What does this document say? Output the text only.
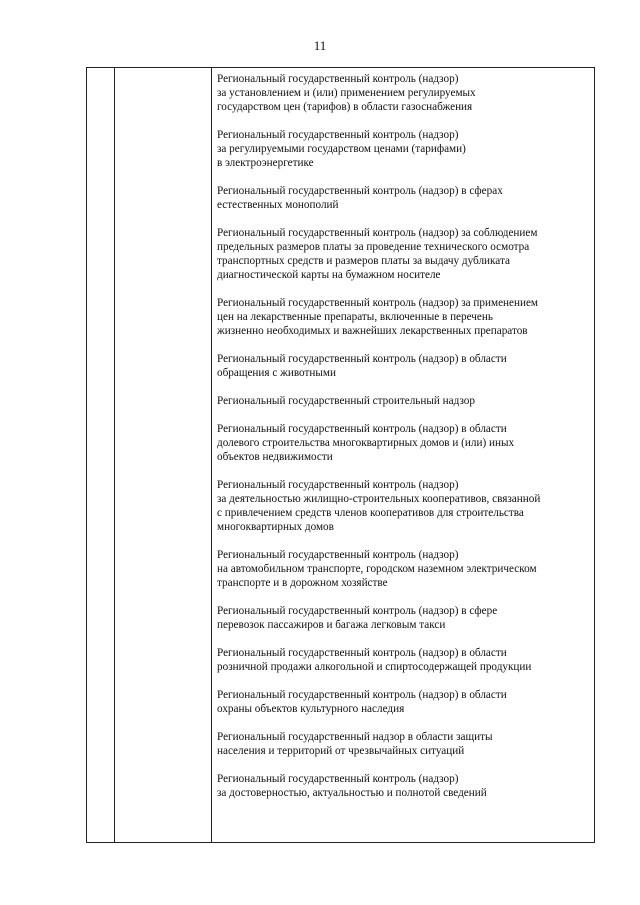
11
Региональный государственный контроль (надзор)
за установлением и (или) применением регулируемых
государством цен (тарифов) в области газоснабжения
Региональный государственный контроль (надзор)
за регулируемыми государством ценами (тарифами)
в электроэнергетике
Региональный государственный контроль (надзор) в сферах
естественных монополий
Региональный государственный контроль (надзор) за соблюдением
предельных размеров платы за проведение технического осмотра
транспортных средств и размеров платы за выдачу дубликата
диагностической карты на бумажном носителе
Региональный государственный контроль (надзор) за применением
цен на лекарственные препараты, включенные в перечень
жизненно необходимых и важнейших лекарственных препаратов
Региональный государственный контроль (надзор) в области
обращения с животными
Региональный государственный строительный надзор
Региональный государственный контроль (надзор) в области
долевого строительства многоквартирных домов и (или) иных
объектов недвижимости
Региональный государственный контроль (надзор)
за деятельностью жилищно-строительных кооперативов, связанной
с привлечением средств членов кооперативов для строительства
многоквартирных домов
Региональный государственный контроль (надзор)
на автомобильном транспорте, городском наземном электрическом
транспорте и в дорожном хозяйстве
Региональный государственный контроль (надзор) в сфере
перевозок пассажиров и багажа легковым такси
Региональный государственный контроль (надзор) в области
розничной продажи алкогольной и спиртосодержащей продукции
Региональный государственный контроль (надзор) в области
охраны объектов культурного наследия
Региональный государственный надзор в области защиты
населения и территорий от чрезвычайных ситуаций
Региональный государственный контроль (надзор)
за достоверностью, актуальностью и полнотой сведений
